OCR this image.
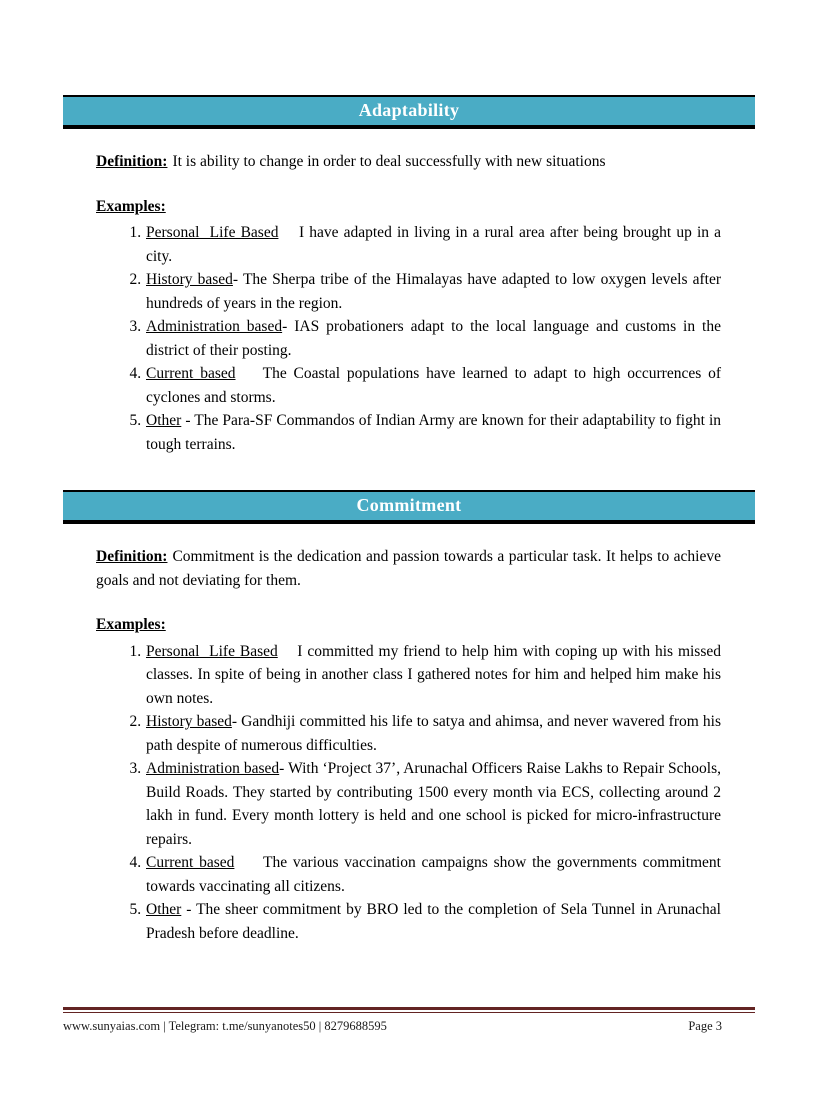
Adaptability

Definition: It is ability to change in order to deal successfully with new situations

Examples:
1. Personal  Life Based I have adapted in living in a rural area after being brought up in a city.
2. History based- The Sherpa tribe of the Himalayas have adapted to low oxygen levels after hundreds of years in the region.
3. Administration based- IAS probationers adapt to the local language and customs in the district of their posting.
4. Current based The Coastal populations have learned to adapt to high occurrences of cyclones and storms.
5. Other - The Para-SF Commandos of Indian Army are known for their adaptability to fight in tough terrains.
Commitment

Definition: Commitment is the dedication and passion towards a particular task. It helps to achieve goals and not deviating for them.

Examples:
1. Personal  Life Based I committed my friend to help him with coping up with his missed classes. In spite of being in another class I gathered notes for him and helped him make his own notes.
2. History based- Gandhiji committed his life to satya and ahimsa, and never wavered from his path despite of numerous difficulties.
3. Administration based- With ‘Project 37’, Arunachal Officers Raise Lakhs to Repair Schools, Build Roads. They started by contributing 1500 every month via ECS, collecting around 2 lakh in fund. Every month lottery is held and one school is picked for micro-infrastructure repairs.
4. Current based The various vaccination campaigns show the governments commitment towards vaccinating all citizens.
5. Other - The sheer commitment by BRO led to the completion of Sela Tunnel in Arunachal Pradesh before deadline.
www.sunyaias.com | Telegram: t.me/sunyanotes50 | 8279688595	Page 3
